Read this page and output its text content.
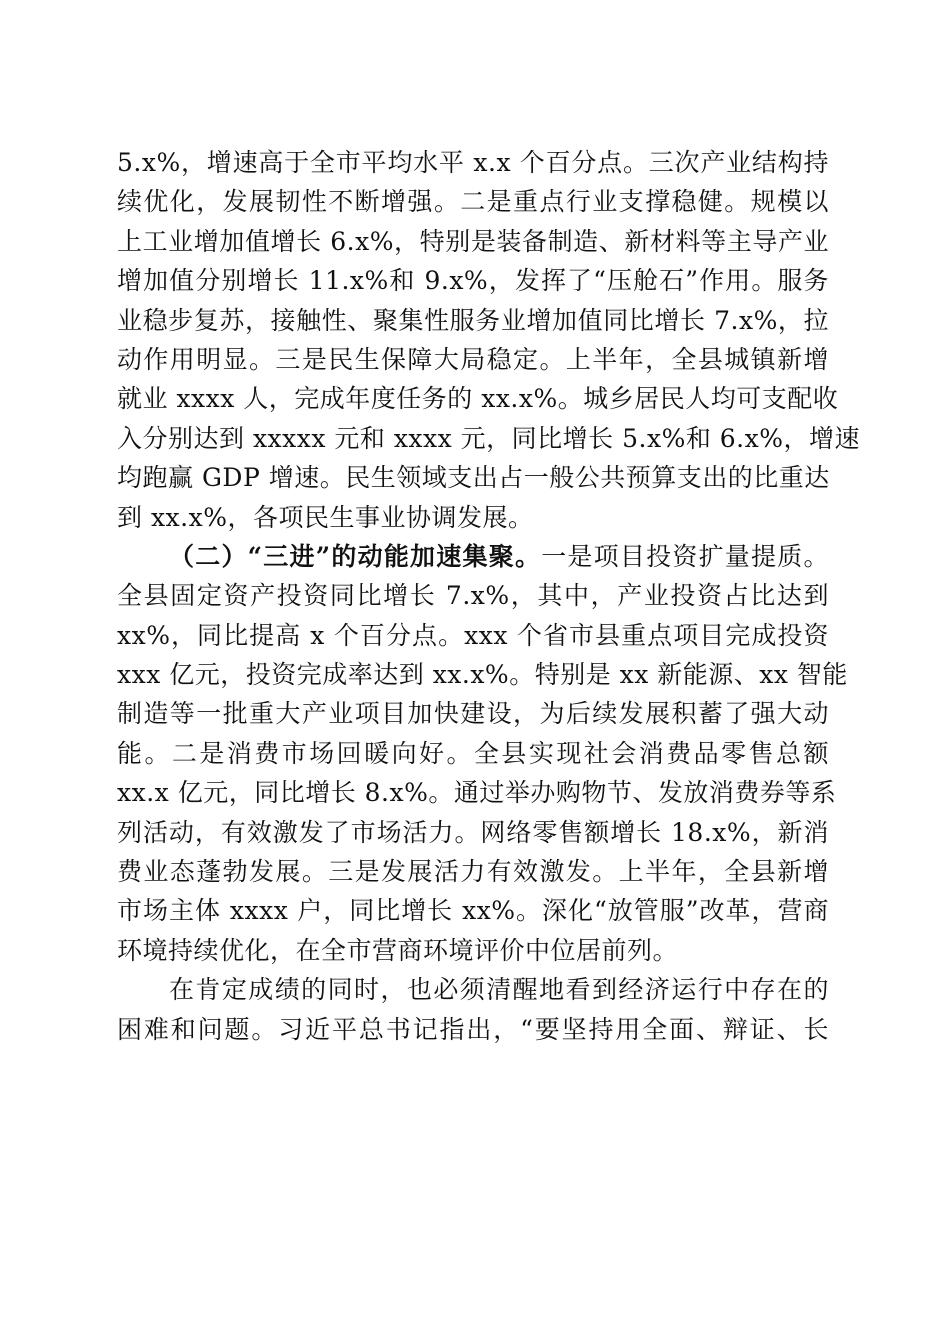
5.x%，增速高于全市平均水平 x.x 个百分点。三次产业结构持
续优化，发展韧性不断增强。二是重点行业支撑稳健。规模以
上工业增加值增长 6.x%，特别是装备制造、新材料等主导产业
增加值分别增长 11.x%和 9.x%，发挥了“压舱石”作用。服务
业稳步复苏，接触性、聚集性服务业增加值同比增长 7.x%，拉
动作用明显。三是民生保障大局稳定。上半年，全县城镇新增
就业 xxxx 人，完成年度任务的 xx.x%。城乡居民人均可支配收
入分别达到 xxxxx 元和 xxxx 元，同比增长 5.x%和 6.x%，增速
均跑赢 GDP 增速。民生领域支出占一般公共预算支出的比重达
到 xx.x%，各项民生事业协调发展。
（二）“三进”的动能加速集聚。一是项目投资扩量提质。
全县固定资产投资同比增长 7.x%，其中，产业投资占比达到
xx%，同比提高 x 个百分点。xxx 个省市县重点项目完成投资
xxx 亿元，投资完成率达到 xx.x%。特别是 xx 新能源、xx 智能
制造等一批重大产业项目加快建设，为后续发展积蓄了强大动
能。二是消费市场回暖向好。全县实现社会消费品零售总额
xx.x 亿元，同比增长 8.x%。通过举办购物节、发放消费券等系
列活动，有效激发了市场活力。网络零售额增长 18.x%，新消
费业态蓬勃发展。三是发展活力有效激发。上半年，全县新增
市场主体 xxxx 户，同比增长 xx%。深化“放管服”改革，营商
环境持续优化，在全市营商环境评价中位居前列。
在肯定成绩的同时，也必须清醒地看到经济运行中存在的
困难和问题。习近平总书记指出，“要坚持用全面、辩证、长
